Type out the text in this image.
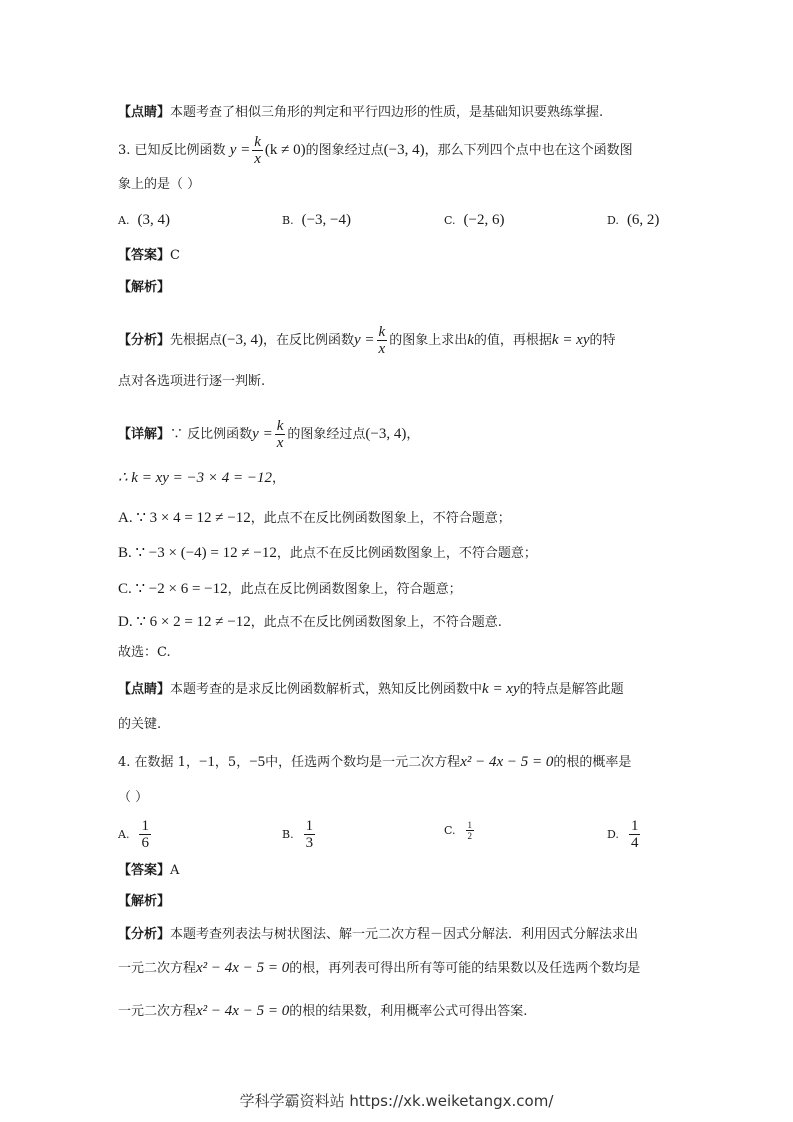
【点睛】本题考查了相似三角形的判定和平行四边形的性质，是基础知识要熟练掌握.
3. 已知反比例函数 $y = \frac{k}{x} (k \ne 0)$的图象经过点(−3, 4)，那么下列四个点中也在这个函数图
象上的是（ ）
A. (3, 4)	B. (−3, −4)	C. (−2, 6)	D. (6, 2)
【答案】C
【解析】
【分析】先根据点(−3, 4)，在反比例函数$y = \frac{k}{x}$ 的图象上求出k的值，再根据k = xy的特
点对各选项进行逐一判断.
【详解】∵ 反比例函数$y = \frac{k}{x}$ 的图象经过点(−3, 4)，
∴ k = xy = −3 × 4 = −12，
A. ∵ 3 × 4 = 12 ≠ −12，此点不在反比例函数图象上，不符合题意；
B. ∵ −3 × (−4) = 12 ≠ −12，此点不在反比例函数图象上，不符合题意；
C. ∵ −2 × 6 = −12，此点在反比例函数图象上，符合题意；
D. ∵ 6 × 2 = 12 ≠ −12，此点不在反比例函数图象上，不符合题意.
故选：C.
【点睛】本题考查的是求反比例函数解析式，熟知反比例函数中k = xy的特点是解答此题
的关键.
4. 在数据 1，−1，5，−5中，任选两个数均是一元二次方程x² − 4x − 5 = 0的根的概率是
（ ）
A. $\frac{1}{6}$	B. $\frac{1}{3}$	C. $\frac{1}{2}$	D. $\frac{1}{4}$
【答案】A
【解析】
【分析】本题考查列表法与树状图法、解一元二次方程－因式分解法．利用因式分解法求出
一元二次方程x² − 4x − 5 = 0的根，再列表可得出所有等可能的结果数以及任选两个数均是
一元二次方程x² − 4x − 5 = 0的根的结果数，利用概率公式可得出答案.
学科学霸资料站 https://xk.weiketangx.com/
